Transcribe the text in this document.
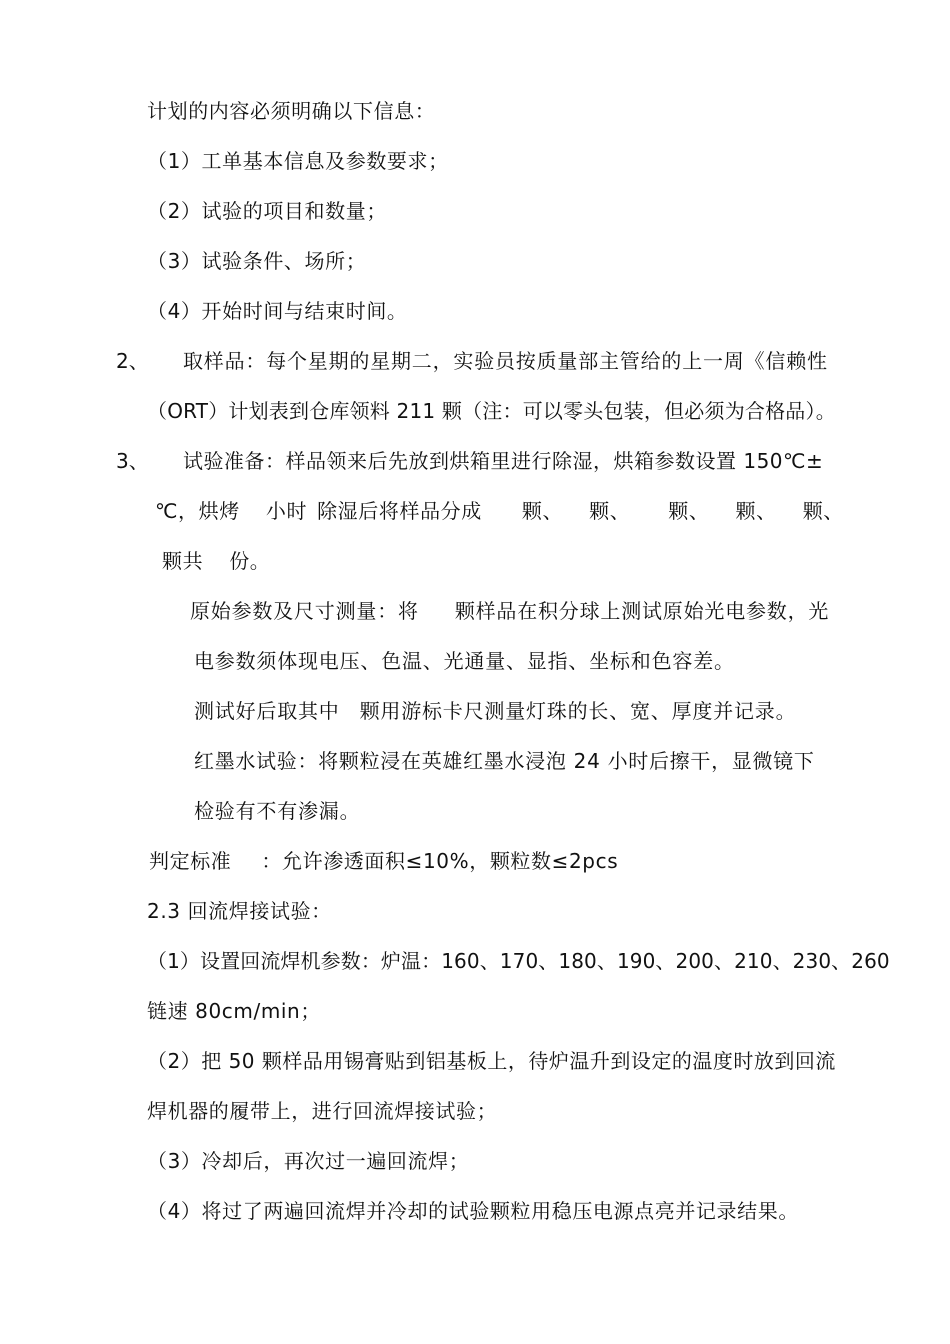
计划的内容必须明确以下信息：
（1）工单基本信息及参数要求；
（2）试验的项目和数量；
（3）试验条件、场所；
（4）开始时间与结束时间。
2、 取样品：每个星期的星期二，实验员按质量部主管给的上一周《信赖性
（ORT）计划表到仓库领料 211 颗（注：可以零头包装，但必须为合格品）。
3、 试验准备：样品领来后先放到烘箱里进行除湿，烘箱参数设置 150℃±
℃，烘烤 小时 除湿后将样品分成 颗、 颗、 颗、 颗、 颗、
颗共 份。
原始参数及尺寸测量：将 颗样品在积分球上测试原始光电参数，光
电参数须体现电压、色温、光通量、显指、坐标和色容差。
测试好后取其中 颗用游标卡尺测量灯珠的长、宽、厚度并记录。
红墨水试验：将颗粒浸在英雄红墨水浸泡 24 小时后擦干，显微镜下
检验有不有渗漏。
判定标准 ：允许渗透面积≤10%，颗粒数≤2pcs
2.3 回流焊接试验：
（1）设置回流焊机参数：炉温：160、170、180、190、200、210、230、260
链速 80cm/min；
（2）把 50 颗样品用锡膏贴到铝基板上，待炉温升到设定的温度时放到回流
焊机器的履带上，进行回流焊接试验；
（3）冷却后，再次过一遍回流焊；
（4）将过了两遍回流焊并冷却的试验颗粒用稳压电源点亮并记录结果。
